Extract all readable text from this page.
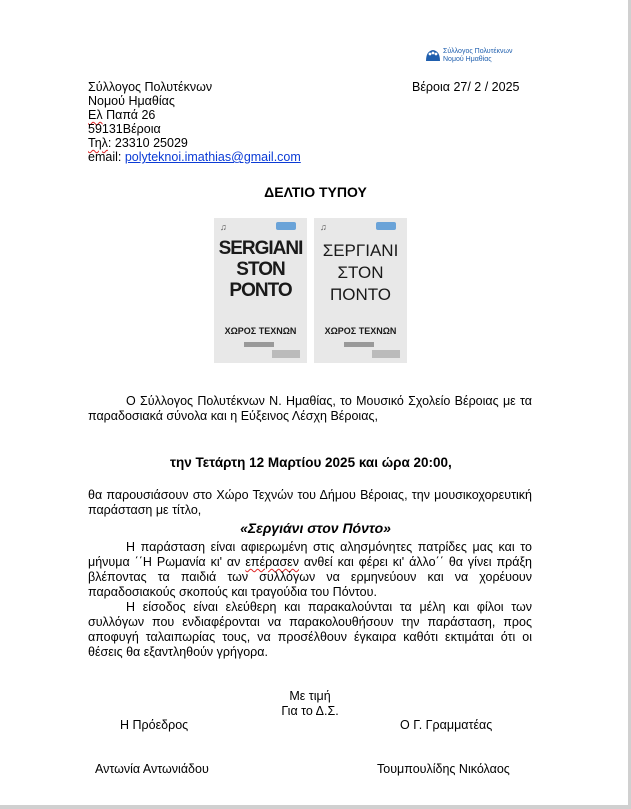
Σύλλογος Πολυτέκνων
Νομού Ημαθίας
Βέροια 27/ 2 / 2025
Σύλλογος Πολυτέκνων
Νομού Ημαθίας
Ελ Παπά 26
59131Βέροια
Τηλ: 23310 25029
email: polyteknoi.imathias@gmail.com
ΔΕΛΤΙΟ ΤΥΠΟΥ
♫
SERGIANI
STON
PONTO
ΧΩΡΟΣ ΤΕΧΝΩΝ
♫
ΣΕΡΓΙΑΝΙ
ΣΤΟΝ
ΠΟΝΤΟ
ΧΩΡΟΣ ΤΕΧΝΩΝ
Ο Σύλλογος Πολυτέκνων Ν. Ημαθίας, το Μουσικό Σχολείο Βέροιας με τα παραδοσιακά σύνολα και η Εύξεινος Λέσχη Βέροιας,
την Τετάρτη 12 Μαρτίου 2025 και ώρα 20:00,
θα παρουσιάσουν στο Χώρο Τεχνών του Δήμου Βέροιας, την μουσικοχορευτική παράσταση με τίτλο,
«Σεργιάνι στον Πόντο»
Η παράσταση είναι αφιερωμένη στις αλησμόνητες πατρίδες μας και το μήνυμα ΄΄Η Ρωμανία κι' αν επέρασεν ανθεί και φέρει κι' άλλο΄΄ θα γίνει πράξη βλέποντας τα παιδιά των συλλόγων να ερμηνεύουν και να χορέυουν παραδοσιακούς σκοπούς και τραγούδια του Πόντου.
Η είσοδος είναι ελεύθερη και παρακαλούνται τα μέλη και φίλοι των συλλόγων που ενδιαφέρονται να παρακολουθήσουν την παράσταση, προς αποφυγή ταλαιπωρίας τους, να προσέλθουν έγκαιρα καθότι εκτιμάται ότι οι θέσεις θα εξαντληθούν γρήγορα.
Με τιμή
Για το Δ.Σ.
Η Πρόεδρος	Ο Γ. Γραμματέας
Αντωνία Αντωνιάδου	Τουμπουλίδης Νικόλαος
